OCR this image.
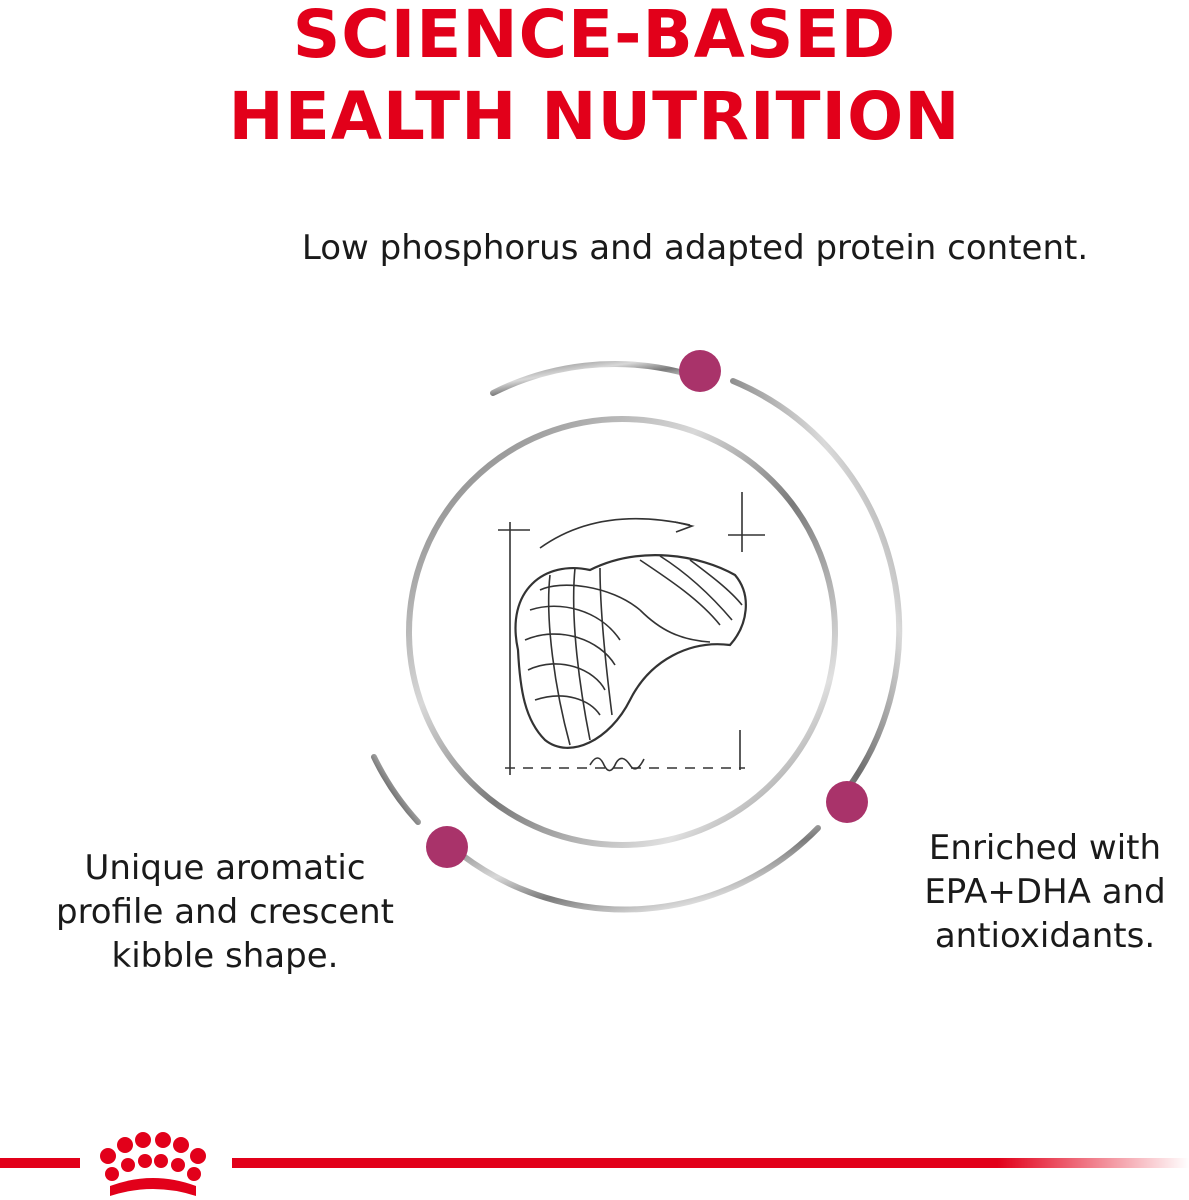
SCIENCE-BASED
HEALTH NUTRITION
Low phosphorus and adapted protein content.
Unique aromatic
profile and crescent
kibble shape.
Enriched with
EPA+DHA and
antioxidants.
